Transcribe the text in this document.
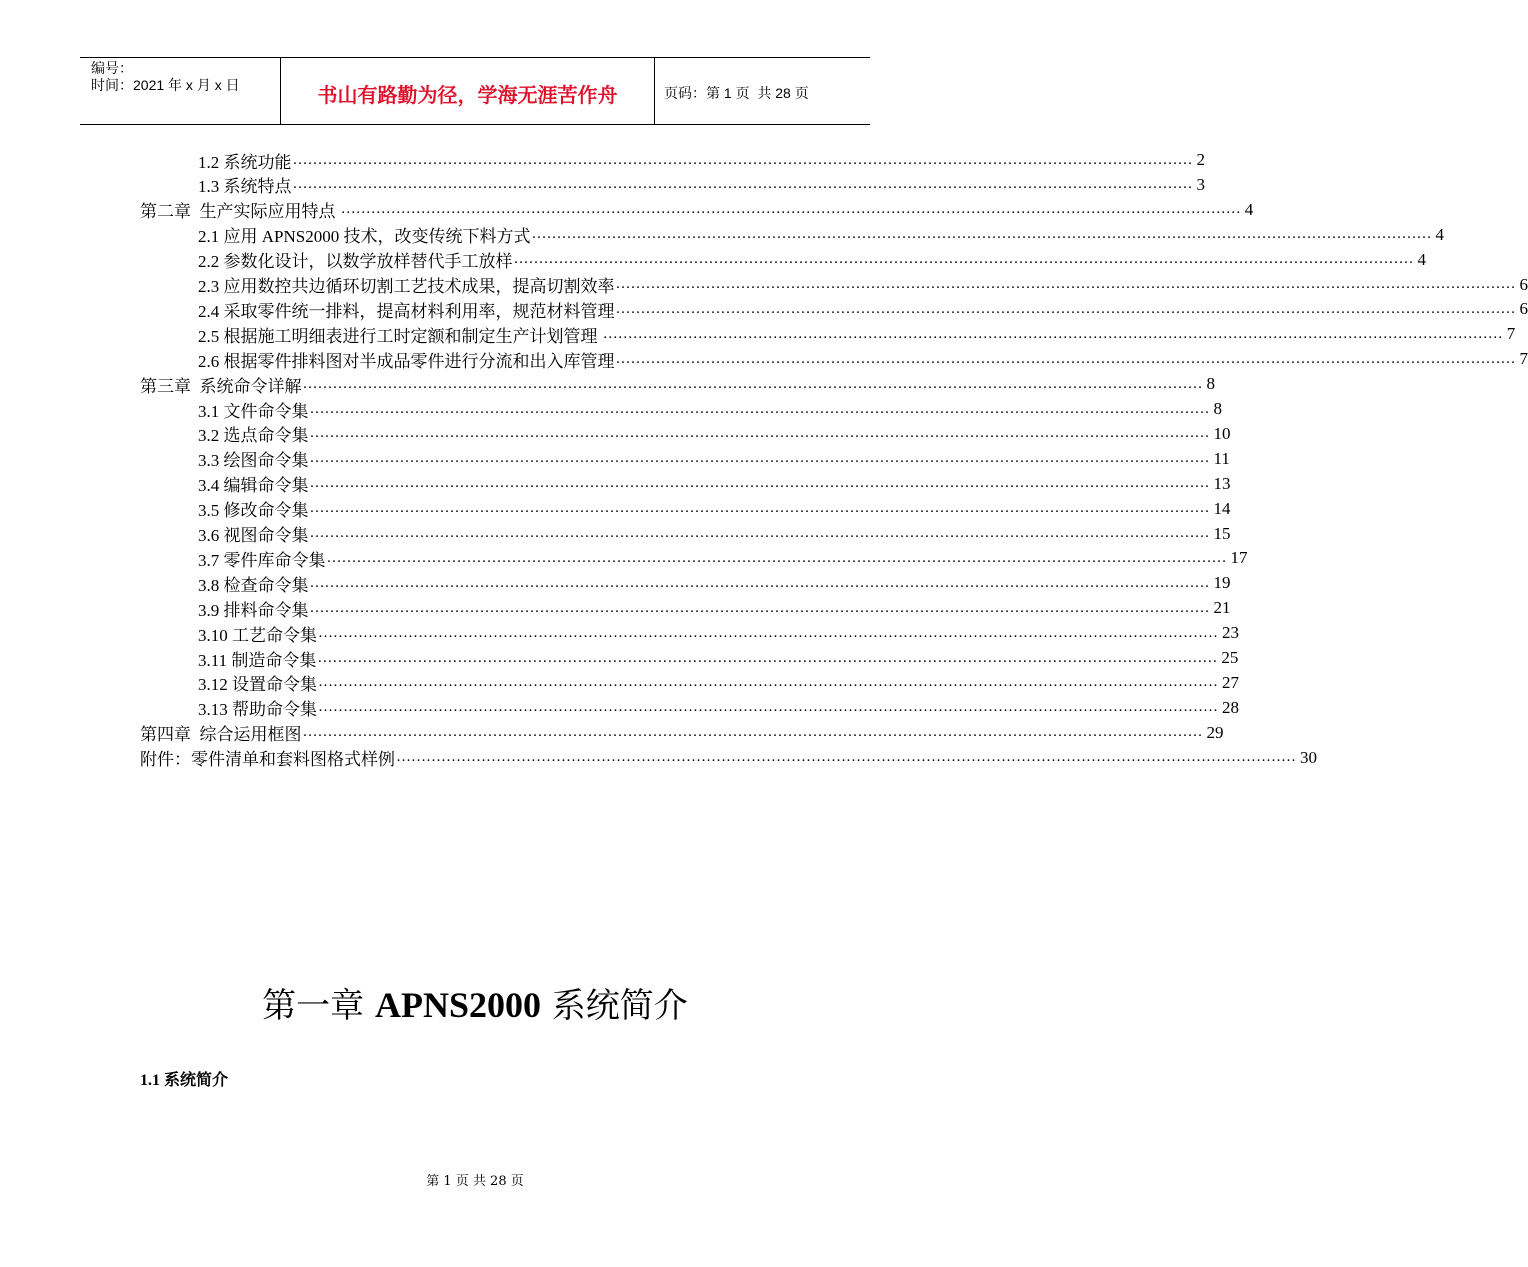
编号：
时间：2021 年 x 月 x 日	书山有路勤为径，学海无涯苦作舟	页码：第 1 页  共 28 页
1.2 系统功能 ……………………………………………………………………………………………………………………………………………………………… 2
1.3 系统特点 ……………………………………………………………………………………………………………………………………………………………… 3
第二章  生产实际应用特点 ……………………………………………………………………………………………………………………………………………………………… 4
2.1 应用 APNS2000 技术，改变传统下料方式 ……………………………………………………………………………………………………………………………………………………………… 4
2.2 参数化设计，以数学放样替代手工放样 ……………………………………………………………………………………………………………………………………………………………… 4
2.3 应用数控共边循环切割工艺技术成果，提高切割效率 ……………………………………………………………………………………………………………………………………………………………… 6
2.4 采取零件统一排料，提高材料利用率，规范材料管理 ……………………………………………………………………………………………………………………………………………………………… 6
2.5 根据施工明细表进行工时定额和制定生产计划管理 ……………………………………………………………………………………………………………………………………………………………… 7
2.6 根据零件排料图对半成品零件进行分流和出入库管理 ……………………………………………………………………………………………………………………………………………………………… 7
第三章  系统命令详解 ……………………………………………………………………………………………………………………………………………………………… 8
3.1 文件命令集 ……………………………………………………………………………………………………………………………………………………………… 8
3.2 选点命令集 ……………………………………………………………………………………………………………………………………………………………… 10
3.3 绘图命令集 ……………………………………………………………………………………………………………………………………………………………… 11
3.4 编辑命令集 ……………………………………………………………………………………………………………………………………………………………… 13
3.5 修改命令集 ……………………………………………………………………………………………………………………………………………………………… 14
3.6 视图命令集 ……………………………………………………………………………………………………………………………………………………………… 15
3.7 零件库命令集 ……………………………………………………………………………………………………………………………………………………………… 17
3.8 检查命令集 ……………………………………………………………………………………………………………………………………………………………… 19
3.9 排料命令集 ……………………………………………………………………………………………………………………………………………………………… 21
3.10 工艺命令集 ……………………………………………………………………………………………………………………………………………………………… 23
3.11 制造命令集 ……………………………………………………………………………………………………………………………………………………………… 25
3.12 设置命令集 ……………………………………………………………………………………………………………………………………………………………… 27
3.13 帮助命令集 ……………………………………………………………………………………………………………………………………………………………… 28
第四章  综合运用框图 ……………………………………………………………………………………………………………………………………………………………… 29
附件：零件清单和套料图格式样例 ……………………………………………………………………………………………………………………………………………………………… 30
第一章 APNS2000 系统简介
1.1 系统简介
第 1 页 共 28 页
